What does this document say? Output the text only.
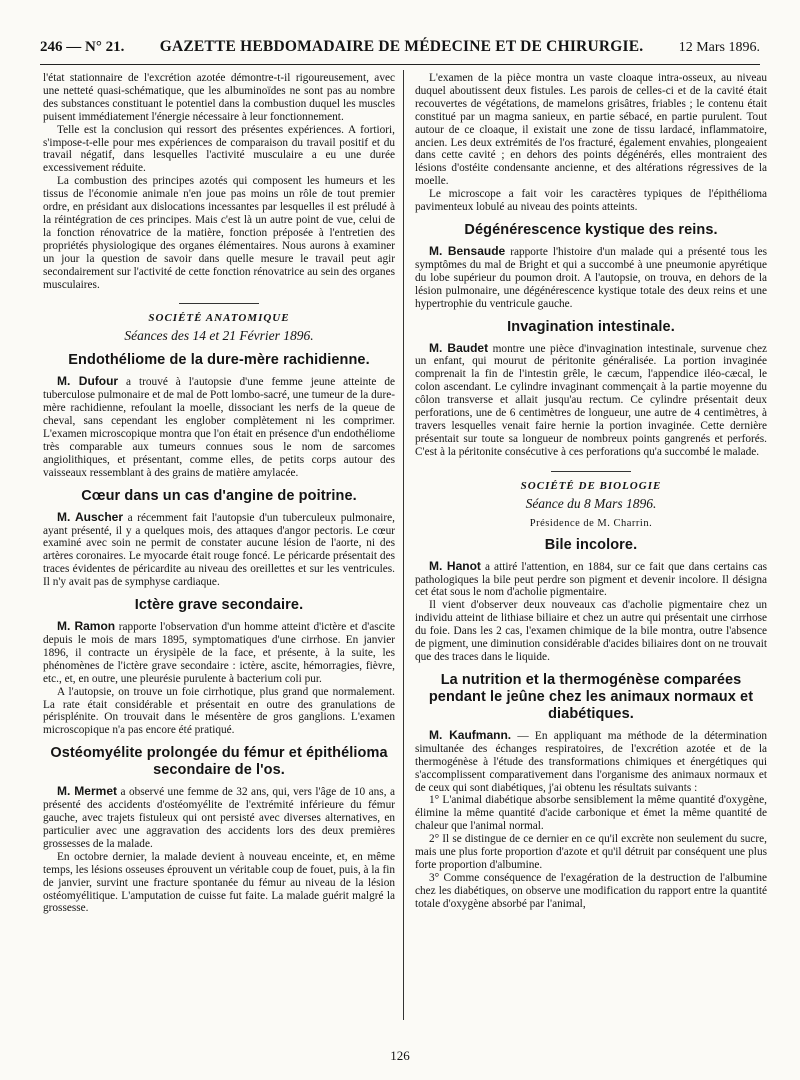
246 — N° 21. GAZETTE HEBDOMADAIRE DE MÉDECINE ET DE CHIRURGIE.	12 Mars 1896.

l'état stationnaire de l'excrétion azotée démontre-t-il rigoureusement, avec une netteté quasi-schématique, que les albuminoïdes ne sont pas au nombre des substances constituant le potentiel dans la combustion duquel les muscles puisent immédiatement l'énergie nécessaire à leur fonctionnement.

Telle est la conclusion qui ressort des présentes expériences. A fortiori, s'impose-t-elle pour mes expériences de comparaison du travail positif et du travail négatif, dans lesquelles l'activité musculaire a eu une durée excessivement réduite.

La combustion des principes azotés qui composent les humeurs et les tissus de l'économie animale n'en joue pas moins un rôle de tout premier ordre, en présidant aux dislocations incessantes par lesquelles il est préludé à la réintégration de ces principes. Mais c'est là un autre point de vue, celui de la fonction rénovatrice de la matière, fonction préposée à l'entretien des propriétés physiologique des organes élémentaires. Nous aurons à examiner un jour la question de savoir dans quelle mesure le travail peut agir secondairement sur l'activité de cette fonction rénovatrice au sein des organes musculaires.

SOCIÉTÉ ANATOMIQUE
Séances des 14 et 21 Février 1896.
Endothéliome de la dure-mère rachidienne.

M. Dufour a trouvé à l'autopsie d'une femme jeune atteinte de tuberculose pulmonaire et de mal de Pott lombo-sacré, une tumeur de la dure-mère rachidienne, refoulant la moelle, dissociant les nerfs de la queue de cheval, sans cependant les englober complètement ni les comprimer. L'examen microscopique montra que l'on était en présence d'un endothéliome très comparable aux tumeurs connues sous le nom de sarcomes angiolithiques, et présentant, comme elles, de petits corps autour des vaisseaux ressemblant à des grains de matière amylacée.

Cœur dans un cas d'angine de poitrine.

M. Auscher a récemment fait l'autopsie d'un tuberculeux pulmonaire, ayant présenté, il y a quelques mois, des attaques d'angor pectoris. Le cœur examiné avec soin ne permit de constater aucune lésion de l'aorte, ni des artères coronaires. Le myocarde était rouge foncé. Le péricarde présentait des traces évidentes de péricardite au niveau des oreillettes et sur les ventricules. Il n'y avait pas de symphyse cardiaque.

Ictère grave secondaire.

M. Ramon rapporte l'observation d'un homme atteint d'ictère et d'ascite depuis le mois de mars 1895, symptomatiques d'une cirrhose. En janvier 1896, il contracte un érysipèle de la face, et présente, à la suite, les phénomènes de l'ictère grave secondaire : ictère, ascite, hémorragies, fièvre, etc., et, en outre, une pleurésie purulente à bacterium coli pur.

A l'autopsie, on trouve un foie cirrhotique, plus grand que normalement. La rate était considérable et présentait en outre des granulations de périsplénite. On trouvait dans le mésentère de gros ganglions. L'examen microscopique n'a pas encore été pratiqué.

Ostéomyélite prolongée du fémur et épithélioma secondaire de l'os.

M. Mermet a observé une femme de 32 ans, qui, vers l'âge de 10 ans, a présenté des accidents d'ostéomyélite de l'extrémité inférieure du fémur gauche, avec trajets fistuleux qui ont persisté avec diverses alternatives, en particulier avec une aggravation des accidents lors des deux premières grossesses de la malade.

En octobre dernier, la malade devient à nouveau enceinte, et, en même temps, les lésions osseuses éprouvent un véritable coup de fouet, puis, à la fin de janvier, survint une fracture spontanée du fémur au niveau de la lésion ostéomyélitique. L'amputation de cuisse fut faite. La malade guérit malgré la grossesse.

L'examen de la pièce montra un vaste cloaque intra-osseux, au niveau duquel aboutissent deux fistules. Les parois de celles-ci et de la cavité était recouvertes de végétations, de mamelons grisâtres, friables ; le contenu était constitué par un magma sanieux, en partie sébacé, en partie purulent. Tout autour de ce cloaque, il existait une zone de tissu lardacé, inflammatoire, ancien. Les deux extrémités de l'os fracturé, également envahies, plongeaient dans cette cavité ; en dehors des points dégénérés, elles montraient des lésions d'ostéite condensante ancienne, et des altérations régressives de la moelle.

Le microscope a fait voir les caractères typiques de l'épithélioma pavimenteux lobulé au niveau des points atteints.

Dégénérescence kystique des reins.

M. Bensaude rapporte l'histoire d'un malade qui a présenté tous les symptômes du mal de Bright et qui a succombé à une pneumonie apyrétique du lobe supérieur du poumon droit. A l'autopsie, on trouva, en dehors de la lésion pulmonaire, une dégénérescence kystique totale des deux reins et une hypertrophie du ventricule gauche.

Invagination intestinale.

M. Baudet montre une pièce d'invagination intestinale, survenue chez un enfant, qui mourut de péritonite généralisée. La portion invaginée comprenait la fin de l'intestin grêle, le cæcum, l'appendice iléo-cæcal, le colon ascendant. Le cylindre invaginant commençait à la partie moyenne du côlon transverse et allait jusqu'au rectum. Ce cylindre présentait deux perforations, une de 6 centimètres de longueur, une autre de 4 centimètres, à travers lesquelles venait faire hernie la portion invaginée. Cette dernière présentait sur toute sa longueur de nombreux points gangrenés et perforés. C'est à la péritonite consécutive à ces perforations qu'a succombé le malade.

SOCIÉTÉ DE BIOLOGIE
Séance du 8 Mars 1896.
Présidence de M. Charrin.
Bile incolore.

M. Hanot a attiré l'attention, en 1884, sur ce fait que dans certains cas pathologiques la bile peut perdre son pigment et devenir incolore. Il désigna cet état sous le nom d'acholie pigmentaire.

Il vient d'observer deux nouveaux cas d'acholie pigmentaire chez un individu atteint de lithiase biliaire et chez un autre qui présentait une cirrhose du foie. Dans les 2 cas, l'examen chimique de la bile montra, outre l'absence de pigment, une diminution considérable d'acides biliaires dont on ne trouvait que des traces dans le liquide.

La nutrition et la thermogénèse comparées pendant le jeûne chez les animaux normaux et diabétiques.

M. Kaufmann. — En appliquant ma méthode de la détermination simultanée des échanges respiratoires, de l'excrétion azotée et de la thermogénèse à l'étude des transformations chimiques et énergétiques qui s'accomplissent comparativement dans l'organisme des animaux normaux et de ceux qui sont diabétiques, j'ai obtenu les résultats suivants :

1° L'animal diabétique absorbe sensiblement la même quantité d'oxygène, élimine la même quantité d'acide carbonique et émet la même quantité de chaleur que l'animal normal.

2° Il se distingue de ce dernier en ce qu'il excrète non seulement du sucre, mais une plus forte proportion d'azote et qu'il détruit par conséquent une plus forte proportion d'albumine.

3° Comme conséquence de l'exagération de la destruction de l'albumine chez les diabétiques, on observe une modification du rapport entre la quantité totale d'oxygène absorbé par l'animal,

126
